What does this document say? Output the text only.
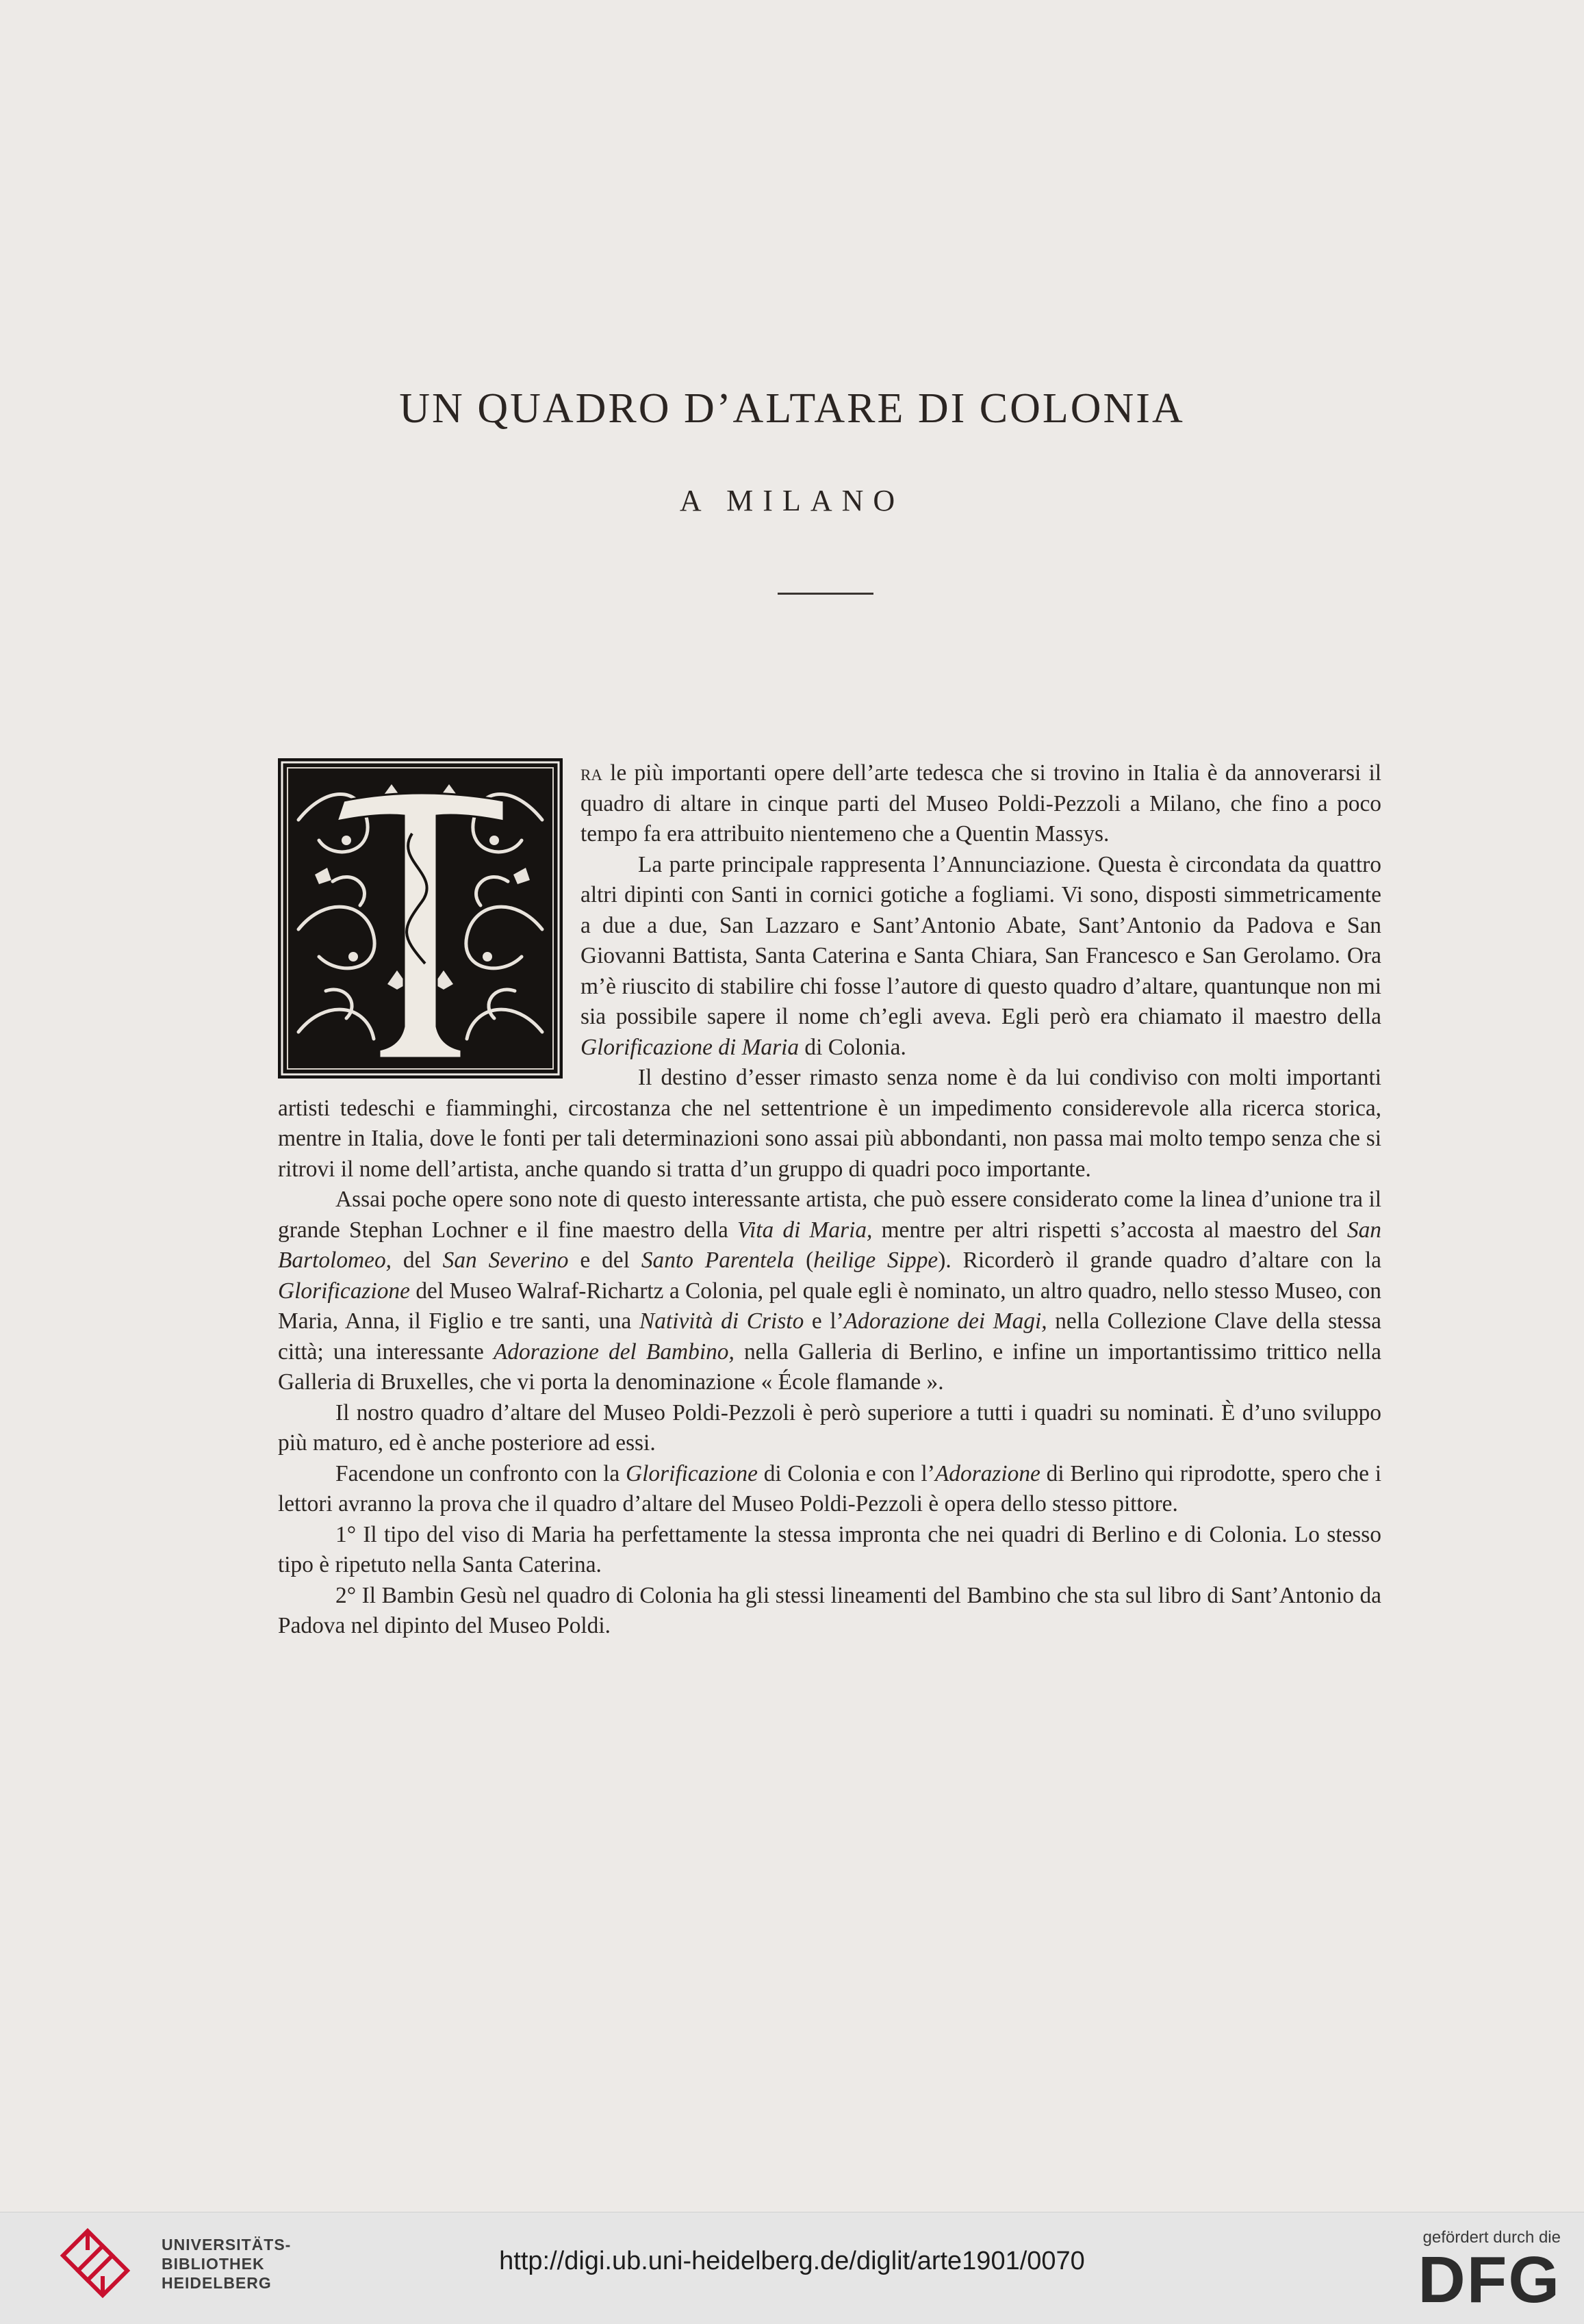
UN QUADRO D’ALTARE DI COLONIA
A MILANO

ra le più importanti opere dell’arte tedesca che si trovino in Italia è da annoverarsi il quadro di altare in cinque parti del Museo Poldi-Pezzoli a Milano, che fino a poco tempo fa era attribuito nientemeno che a Quentin Massys.

La parte principale rappresenta l’Annunciazione. Questa è circondata da quattro altri dipinti con Santi in cornici gotiche a fogliami. Vi sono, disposti simmetricamente a due a due, San Lazzaro e Sant’Antonio Abate, Sant’Antonio da Padova e San Giovanni Battista, Santa Caterina e Santa Chiara, San Francesco e San Gerolamo. Ora m’è riuscito di stabilire chi fosse l’autore di questo quadro d’altare, quantunque non mi sia possibile sapere il nome ch’egli aveva. Egli però era chiamato il maestro della Glorificazione di Maria di Colonia.

Il destino d’esser rimasto senza nome è da lui condiviso con molti importanti artisti tedeschi e fiamminghi, circostanza che nel settentrione è un impedimento considerevole alla ricerca storica, mentre in Italia, dove le fonti per tali determinazioni sono assai più abbondanti, non passa mai molto tempo senza che si ritrovi il nome dell’artista, anche quando si tratta d’un gruppo di quadri poco importante.

Assai poche opere sono note di questo interessante artista, che può essere considerato come la linea d’unione tra il grande Stephan Lochner e il fine maestro della Vita di Maria, mentre per altri rispetti s’accosta al maestro del San Bartolomeo, del San Severino e del Santo Parentela (heilige Sippe). Ricorderò il grande quadro d’altare con la Glorificazione del Museo Walraf-Richartz a Colonia, pel quale egli è nominato, un altro quadro, nello stesso Museo, con Maria, Anna, il Figlio e tre santi, una Natività di Cristo e l’Adorazione dei Magi, nella Collezione Clave della stessa città; una interessante Adorazione del Bambino, nella Galleria di Berlino, e infine un importantissimo trittico nella Galleria di Bruxelles, che vi porta la denominazione « École flamande ».

Il nostro quadro d’altare del Museo Poldi-Pezzoli è però superiore a tutti i quadri su nominati. È d’uno sviluppo più maturo, ed è anche posteriore ad essi.

Facendone un confronto con la Glorificazione di Colonia e con l’Adorazione di Berlino qui riprodotte, spero che i lettori avranno la prova che il quadro d’altare del Museo Poldi-Pezzoli è opera dello stesso pittore.

1° Il tipo del viso di Maria ha perfettamente la stessa impronta che nei quadri di Berlino e di Colonia. Lo stesso tipo è ripetuto nella Santa Caterina.

2° Il Bambin Gesù nel quadro di Colonia ha gli stessi lineamenti del Bambino che sta sul libro di Sant’Antonio da Padova nel dipinto del Museo Poldi.

UNIVERSITÄTS-
BIBLIOTHEK
HEIDELBERG
http://digi.ub.uni-heidelberg.de/diglit/arte1901/0070
gefördert durch die
DFG
